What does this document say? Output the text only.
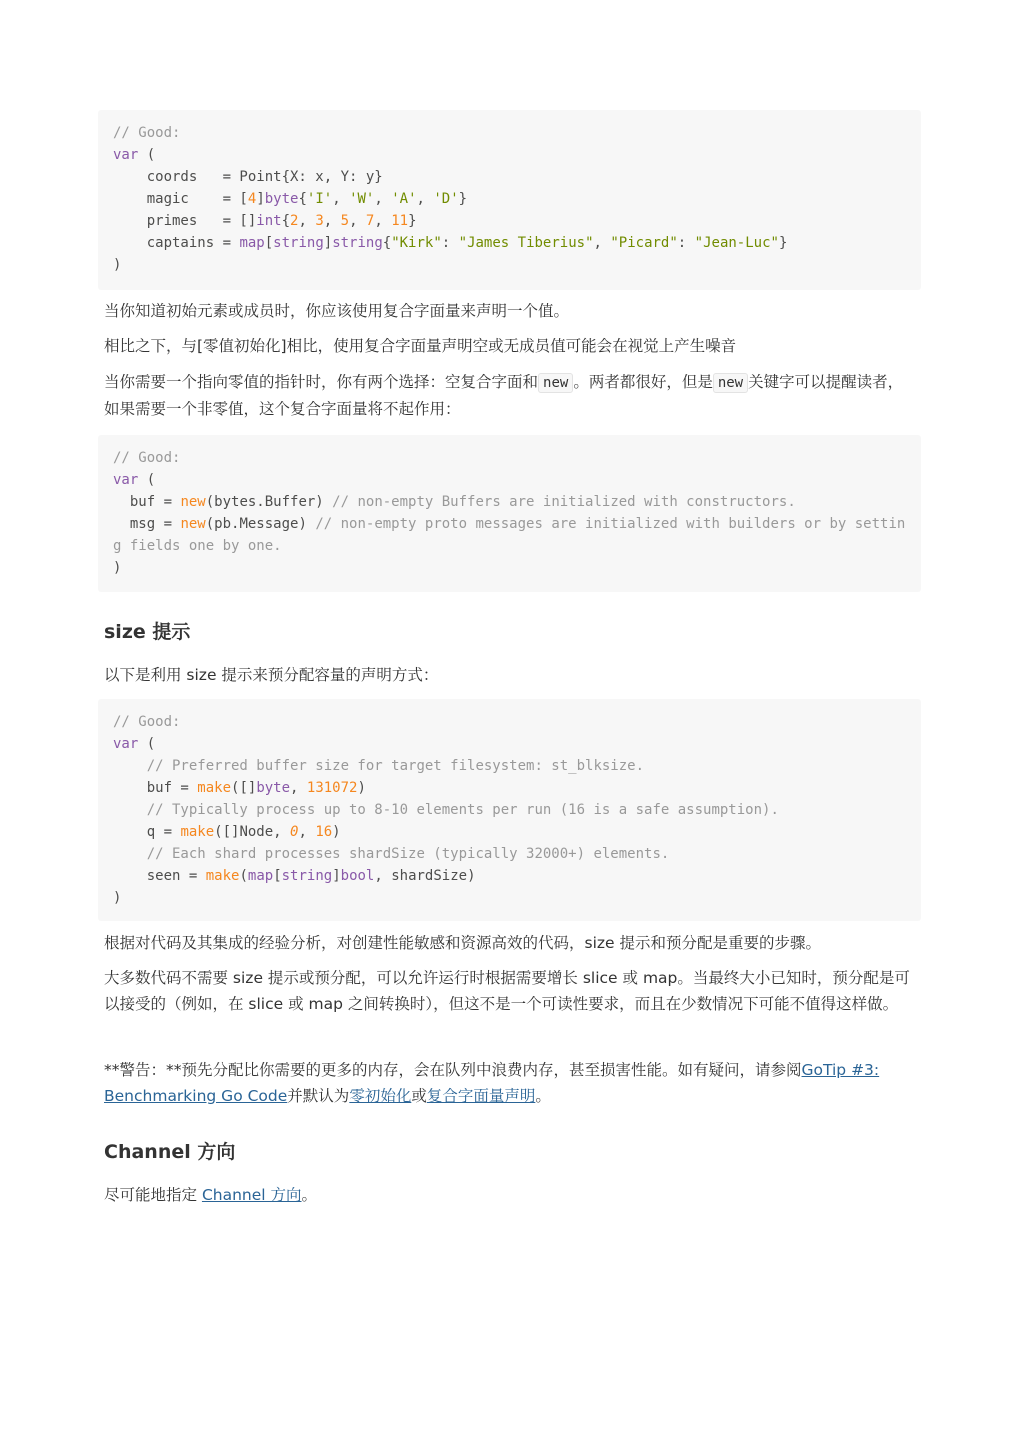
// Good:
var (
coords   = Point{X: x, Y: y}
magic    = [4]byte{'I', 'W', 'A', 'D'}
primes   = []int{2, 3, 5, 7, 11}
captains = map[string]string{"Kirk": "James Tiberius", "Picard": "Jean-Luc"}
)

当你知道初始元素或成员时，你应该使用复合字面量来声明一个值。

相比之下，与[零值初始化]相比，使用复合字面量声明空或无成员值可能会在视觉上产生噪音

当你需要一个指向零值的指针时，你有两个选择：空复合字面和 new 。两者都很好，但是 new 关键字可以提醒读者，如果需要一个非零值，这个复合字面量将不起作用：

// Good:
var (
buf = new(bytes.Buffer) // non-empty Buffers are initialized with constructors.
msg = new(pb.Message) // non-empty proto messages are initialized with builders or by setting fields one by one.
)
size 提示

以下是利用 size 提示来预分配容量的声明方式：

// Good:
var (
// Preferred buffer size for target filesystem: st_blksize.
buf = make([]byte, 131072)
// Typically process up to 8-10 elements per run (16 is a safe assumption).
q = make([]Node, 0, 16)
// Each shard processes shardSize (typically 32000+) elements.
seen = make(map[string]bool, shardSize)
)

根据对代码及其集成的经验分析，对创建性能敏感和资源高效的代码，size 提示和预分配是重要的步骤。

大多数代码不需要 size 提示或预分配，可以允许运行时根据需要增长 slice 或 map。当最终大小已知时，预分配是可以接受的（例如，在 slice 或 map 之间转换时），但这不是一个可读性要求，而且在少数情况下可能不值得这样做。

**警告：**预先分配比你需要的更多的内存，会在队列中浪费内存，甚至损害性能。如有疑问，请参阅GoTip #3: Benchmarking Go Code并默认为零初始化或复合字面量声明。

Channel 方向

尽可能地指定 Channel 方向。
